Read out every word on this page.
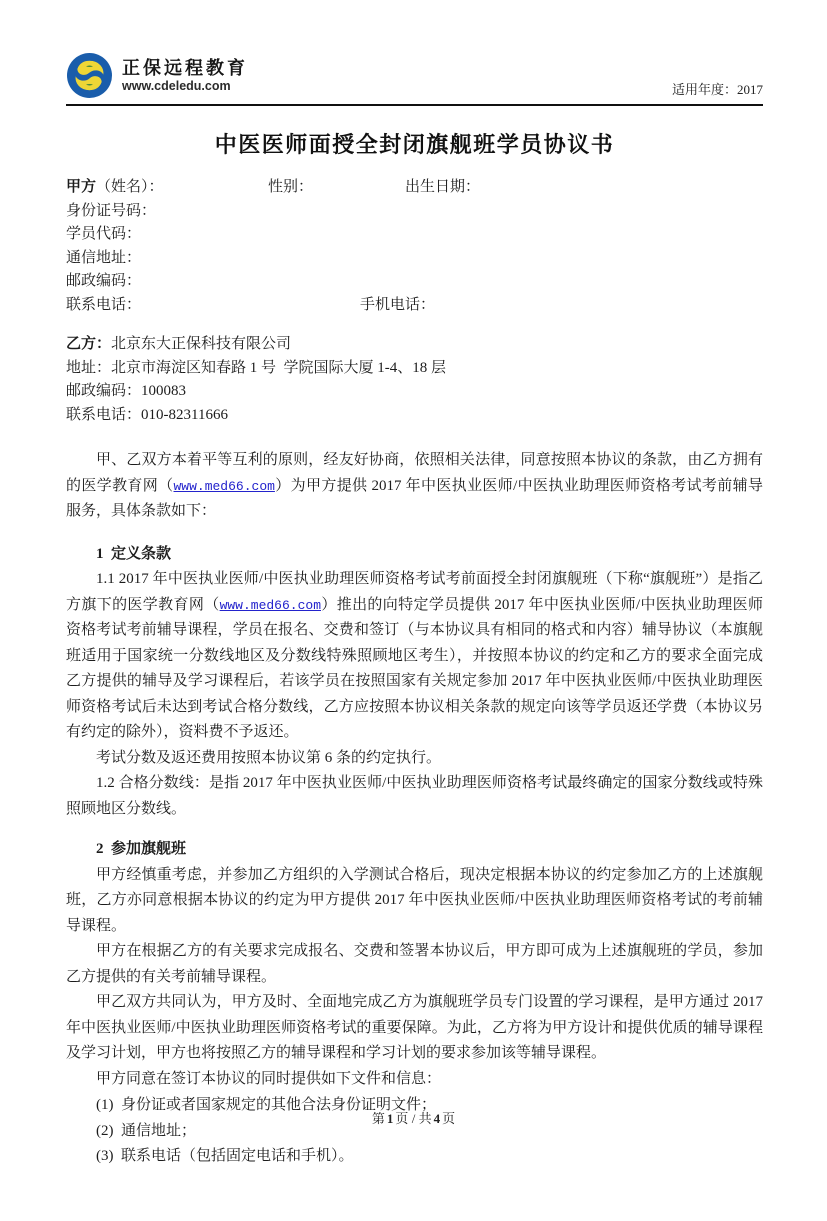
正保远程教育
www.cdeledu.com	适用年度：2017
中医医师面授全封闭旗舰班学员协议书
甲方（姓名）：	性别：	出生日期：
身份证号码：
学员代码：
通信地址：
邮政编码：
联系电话：	手机电话：
乙方：北京东大正保科技有限公司
地址：北京市海淀区知春路 1 号  学院国际大厦 1-4、18 层
邮政编码：100083
联系电话：010-82311666

甲、乙双方本着平等互利的原则，经友好协商，依照相关法律，同意按照本协议的条款，由乙方拥有的医学教育网（www.med66.com）为甲方提供 2017 年中医执业医师/中医执业助理医师资格考试考前辅导服务，具体条款如下：

1  定义条款

1.1 2017 年中医执业医师/中医执业助理医师资格考试考前面授全封闭旗舰班（下称“旗舰班”）是指乙方旗下的医学教育网（www.med66.com）推出的向特定学员提供 2017 年中医执业医师/中医执业助理医师资格考试考前辅导课程，学员在报名、交费和签订（与本协议具有相同的格式和内容）辅导协议（本旗舰班适用于国家统一分数线地区及分数线特殊照顾地区考生），并按照本协议的约定和乙方的要求全面完成乙方提供的辅导及学习课程后，若该学员在按照国家有关规定参加 2017 年中医执业医师/中医执业助理医师资格考试后未达到考试合格分数线，乙方应按照本协议相关条款的规定向该等学员返还学费（本协议另有约定的除外），资料费不予返还。

考试分数及返还费用按照本协议第 6 条的约定执行。

1.2 合格分数线：是指 2017 年中医执业医师/中医执业助理医师资格考试最终确定的国家分数线或特殊照顾地区分数线。

2  参加旗舰班

甲方经慎重考虑，并参加乙方组织的入学测试合格后，现决定根据本协议的约定参加乙方的上述旗舰班，乙方亦同意根据本协议的约定为甲方提供 2017 年中医执业医师/中医执业助理医师资格考试的考前辅导课程。

甲方在根据乙方的有关要求完成报名、交费和签署本协议后，甲方即可成为上述旗舰班的学员，参加乙方提供的有关考前辅导课程。

甲乙双方共同认为，甲方及时、全面地完成乙方为旗舰班学员专门设置的学习课程，是甲方通过 2017 年中医执业医师/中医执业助理医师资格考试的重要保障。为此，乙方将为甲方设计和提供优质的辅导课程及学习计划，甲方也将按照乙方的辅导课程和学习计划的要求参加该等辅导课程。

甲方同意在签订本协议的同时提供如下文件和信息：

(1)  身份证或者国家规定的其他合法身份证明文件；
(2)  通信地址；
(3)  联系电话（包括固定电话和手机）。
第 1 页 / 共 4 页
